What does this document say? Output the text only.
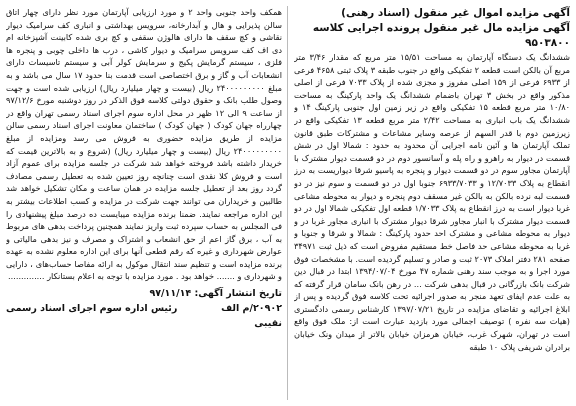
آگهی مزایده اموال غیر منقول (اسناد رهنی)
آگهی مزایده مال غیر منقول پرونده اجرایی کلاسه ۹۵۰۳۸۰۰
ششدانگ یک دستگاه آپارتمان به مساحت ۱۵/۵۱ متر مربع که مقدار ۳/۴۶ متر مربع آن بالکن است قطعه ۲ تفکیکی واقع در جنوب طبقه ۳ پلاک ثبتی ۴۶۵۸ فرعی از ۶۹۳۳ فرعی از ۱۵۹ اصلی مفروز و مجزی شده از پلاک ۷۰۳۳ فرعی از اصلی مذکور واقع در بخش ۳ تهران باضمام ششدانگ یک واحد پارکینگ به مساحت ۱۰/۸۰ متر مربع قطعه ۱۵ تفکیکی واقع در زیر زمین اول جنوبی پارکینگ ۱۴ و ششدانگ یک باب انباری به مساحت ۲/۴۲ متر مربع قطعه ۱۳ تفکیکی واقع در زیرزمین دوم با قدر السهم از عرصه وسایر مشاعات و مشترکات طبق قانون تملک آپارتمان ها و آئین نامه اجرایی آن محدود به حدود : شمالا اول در شش قسمت در دیوار به راهرو و راه پله و آسانسور دوم در دو قسمت دیوار مشترک با آپارتمان مجاور سوم در دو قسمت دیوار و پنجره به پاسیو شرقا دیواریست به درز انقطاع به پلاک ۱۲/۷۰۳۳ و ۶۹۳۳/۷۰۳۳ جنوبا اول در دو قسمت و سوم نیز در دو قسمت لبه نرده بالکن به بالکن غیر مسقف دوم پنجره و دیوار به محوطه مشاعی غربا دیوار است به درز انقطاع به پلاک ۱/۷۰۳۳ قطعه اول تفکیکی شمالا اول در دو قسمت دیوار مشترک با انبار مجاور شرقا دیوار مشترک با انباری مجاور غربا در و دیوار به محوطه مشاعی و مشترک احد حدود پارکینگ : شمالا و شرقا و جنوبا و غربا به محوطه مشاعی حد فاصل خط مستقیم مفروض است که ذیل ثبت ۳۴۹۷۱ صفحه ۲۸۱ دفتر املاک ۲۰۷۳ ثبت و صادر و تسلیم گردیده است. با مشخصات فوق مورد اجرا و به موجب سند رهنی شماره ۴۷ مورخ ۱۳۹۴/۰۷/۰۴ ابتدا در قبال دین شرکت بانک بازرگانی در قبال بدهی شرکت ... در رهن بانک سامان قرار گرفته که به علت عدم ایفای تعهد منجر به صدور اجرائیه تحت کلاسه فوق گردیده و پس از ابلاغ اجرائیه و تقاضای مزایده در تاریخ ۱۳۹۷/۰۷/۲۱ کارشناس رسمی دادگستری (هیات سه نفره ) توصیف اجمالی مورد بازدید عبارت است از: ملک فوق واقع است در تهران، شهرک غرب، خیابان هرمزان خیابان بالاتر از میدان ونک خیابان برادران شریفی پلاک ۱۰ طبقه
همکف واحد جنوبی واحد ۲ و مورد ارزیابی آپارتمان مورد نظر دارای چهار اتاق سالن پذیرایی و هال و آبدارخانه، سرویس بهداشتی و انباری کف سرامیک دیوار نقاشی و کچ سقف ها دارای هالوژن سقفی و کچ بری شده کابینت آشپزخانه ام دی اف کف سرویس سرامیک و دیوار کاشی ، درب ها داخلی چوبی و پنجره ها فلزی ، سیستم گرمایش پکیج و سرمایش کولر آبی و سیستم تاسیسات دارای انشعابات آب و گاز و برق اختصاصی است قدمت بنا حدود ۱۷ سال می باشد و به مبلغ ۲۴۰۰۰۰۰۰۰۰۰ ریال (بیست و چهار میلیارد ریال) ارزیابی شده است و جهت وصول طلب بانک و حقوق دولتی کلاسه فوق الذکر در روز دوشنبه مورخ ۹۷/۱۲/۶ از ساعت ۹ الی ۱۲ ظهر در محل اداره سوم اجرای اسناد رسمی تهران واقع در چهارراه جهان کودک ( جهان کودک ) ساختمان معاونت اجرای اسناد رسمی سالن مزایده از طریق مزایده حضوری به فروش می رسد ومزایده از مبلغ ۲۴۰۰۰۰۰۰۰۰۰ ریال (بیست و چهار میلیارد ریال) (شروع و به بالاترین قیمت که خریدار داشته باشد فروخته خواهد شد شرکت در جلسه مزایده برای عموم آزاد است و فروش کلا نقدی است چنانچه روز تعیین شده به تعطیل رسمی مصادف گردد روز بعد از تعطیل جلسه مزایده در همان ساعت و مکان تشکیل خواهد شد طالبین و خریداران می توانند جهت شرکت در مزایده و کسب اطلاعات بیشتر به این اداره مراجعه نمایند. ضمنا برنده مزایده میبایست ده درصد مبلغ پیشنهادی را فی المجلس به حساب سپرده ثبت واریز نمایند همچنین پرداخت بدهی های مربوط به آب ، برق گاز اعم از حق انشعاب و اشتراک و مصرف و نیز بدهی مالیاتی و عوارض شهرداری و غیره که رقم قطعی آنها برای این اداره معلوم نشده به عهده برنده مزایده است و تنظیم سند انتقال موکول به ارائه مفاصا حساب‌های ، دارایی و شهرداری و ....... خواهد بود . مورد مزایده با توجه به اعلام بستانکار ..............
تاریخ انتشار آگهی: ۹۷/۱۱/۱۴
۲۰۹۰۲/م الف
رئیس اداره سوم اجرای اسناد رسمی
نقیبی
